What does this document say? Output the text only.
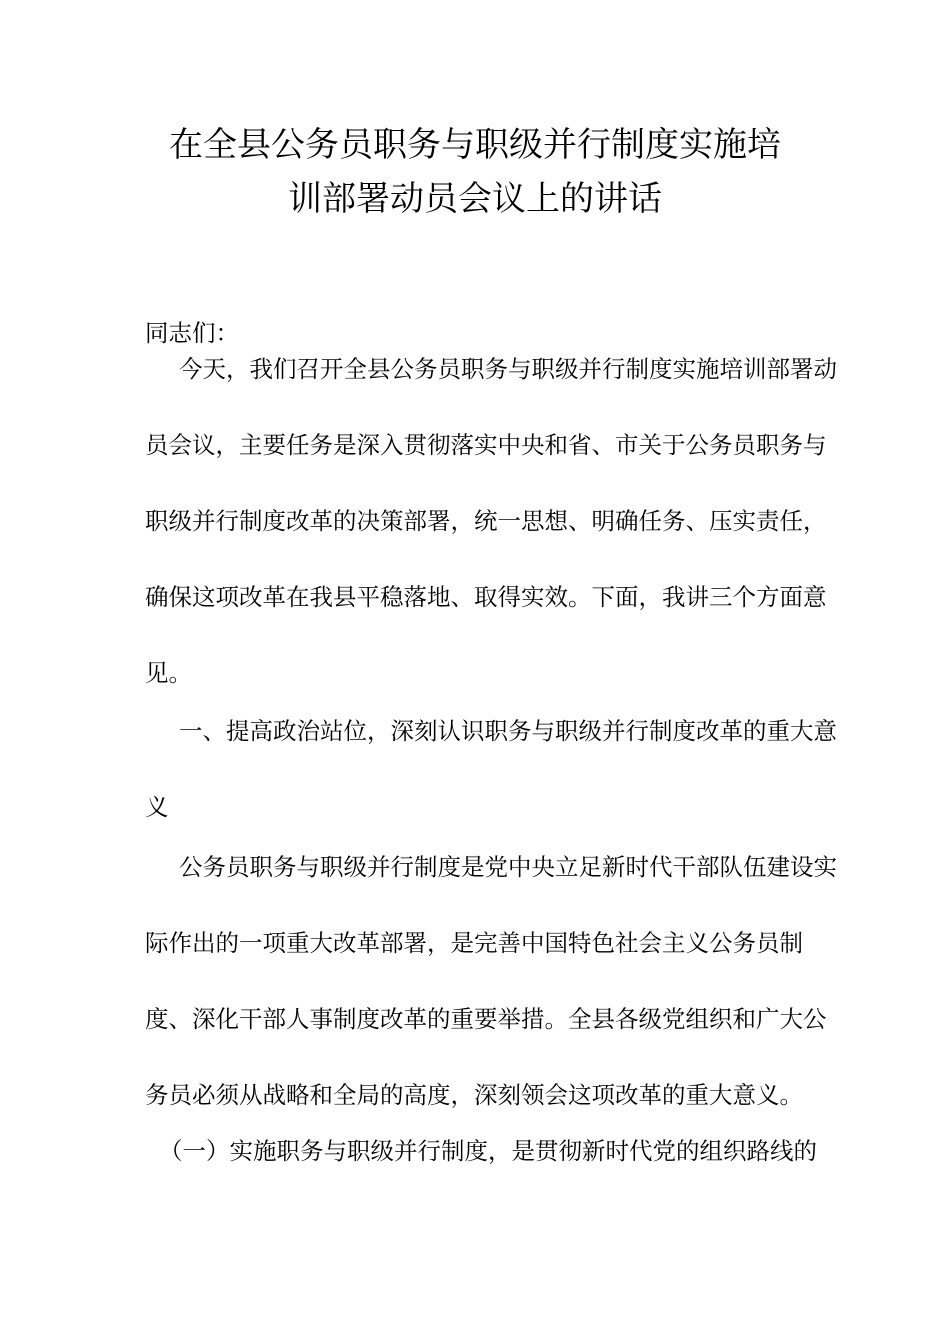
在全县公务员职务与职级并行制度实施培
训部署动员会议上的讲话
同志们：
今天，我们召开全县公务员职务与职级并行制度实施培训部署动
员会议，主要任务是深入贯彻落实中央和省、市关于公务员职务与
职级并行制度改革的决策部署，统一思想、明确任务、压实责任，
确保这项改革在我县平稳落地、取得实效。下面，我讲三个方面意
见。
一、提高政治站位，深刻认识职务与职级并行制度改革的重大意
义
公务员职务与职级并行制度是党中央立足新时代干部队伍建设实
际作出的一项重大改革部署，是完善中国特色社会主义公务员制
度、深化干部人事制度改革的重要举措。全县各级党组织和广大公
务员必须从战略和全局的高度，深刻领会这项改革的重大意义。
（一）实施职务与职级并行制度，是贯彻新时代党的组织路线的
